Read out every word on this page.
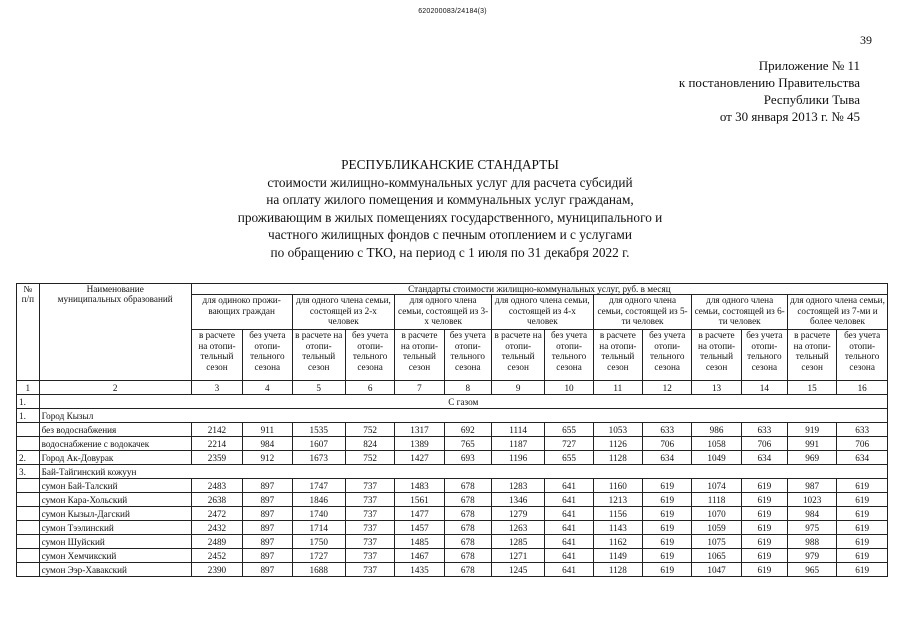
620200083/24184(3)
39
Приложение № 11
к постановлению Правительства
Республики Тыва
от 30 января 2013 г. № 45
РЕСПУБЛИКАНСКИЕ СТАНДАРТЫ
стоимости жилищно-коммунальных услуг для расчета субсидий
на оплату жилого помещения и коммунальных услуг гражданам,
проживающим в жилых помещениях государственного, муниципального и
частного жилищных фондов с печным отоплением и с услугами
по обращению с ТКО, на период с 1 июля по 31 декабря 2022 г.
№ п/п	Наименование муниципальных образований	Стандарты стоимости жилищно-коммунальных услуг, руб. в месяц													
		для одиноко прожи-вающих граждан		для одного члена семьи, состоящей из 2-х человек		для одного члена семьи, состоящей из 3-х человек		для одного члена семьи, состоящей из 4-х человек		для одного члена семьи, состоящей из 5-ти человек		для одного члена семьи, состоящей из 6-ти человек		для одного члена семьи, состоящей из 7-ми и более человек	
		в расчете на отопи-тельный сезон	без учета отопи-тельного сезона	в расчете на отопи-тельный сезон	без учета отопи-тельного сезона	в расчете на отопи-тельный сезон	без учета отопи-тельного сезона	в расчете на отопи-тельный сезон	без учета отопи-тельного сезона	в расчете на отопи-тельный сезон	без учета отопи-тельного сезона	в расчете на отопи-тельный сезон	без учета отопи-тельного сезона	в расчете на отопи-тельный сезон	без учета отопи-тельного сезона
1	2	3	4	5	6	7	8	9	10	11	12	13	14	15	16
1.	С газом														
1.	Город Кызыл														
	без водоснабжения	2142	911	1535	752	1317	692	1114	655	1053	633	986	633	919	633
	водоснабжение с водокачек	2214	984	1607	824	1389	765	1187	727	1126	706	1058	706	991	706
2.	Город Ак-Довурак	2359	912	1673	752	1427	693	1196	655	1128	634	1049	634	969	634
3.	Бай-Тайгинский кожуун														
	сумон Бай-Талский	2483	897	1747	737	1483	678	1283	641	1160	619	1074	619	987	619
	сумон Кара-Хольский	2638	897	1846	737	1561	678	1346	641	1213	619	1118	619	1023	619
	сумон Кызыл-Дагский	2472	897	1740	737	1477	678	1279	641	1156	619	1070	619	984	619
	сумон Тээлинский	2432	897	1714	737	1457	678	1263	641	1143	619	1059	619	975	619
	сумон Шуйский	2489	897	1750	737	1485	678	1285	641	1162	619	1075	619	988	619
	сумон Хемчикский	2452	897	1727	737	1467	678	1271	641	1149	619	1065	619	979	619
	сумон Ээр-Хавакский	2390	897	1688	737	1435	678	1245	641	1128	619	1047	619	965	619
